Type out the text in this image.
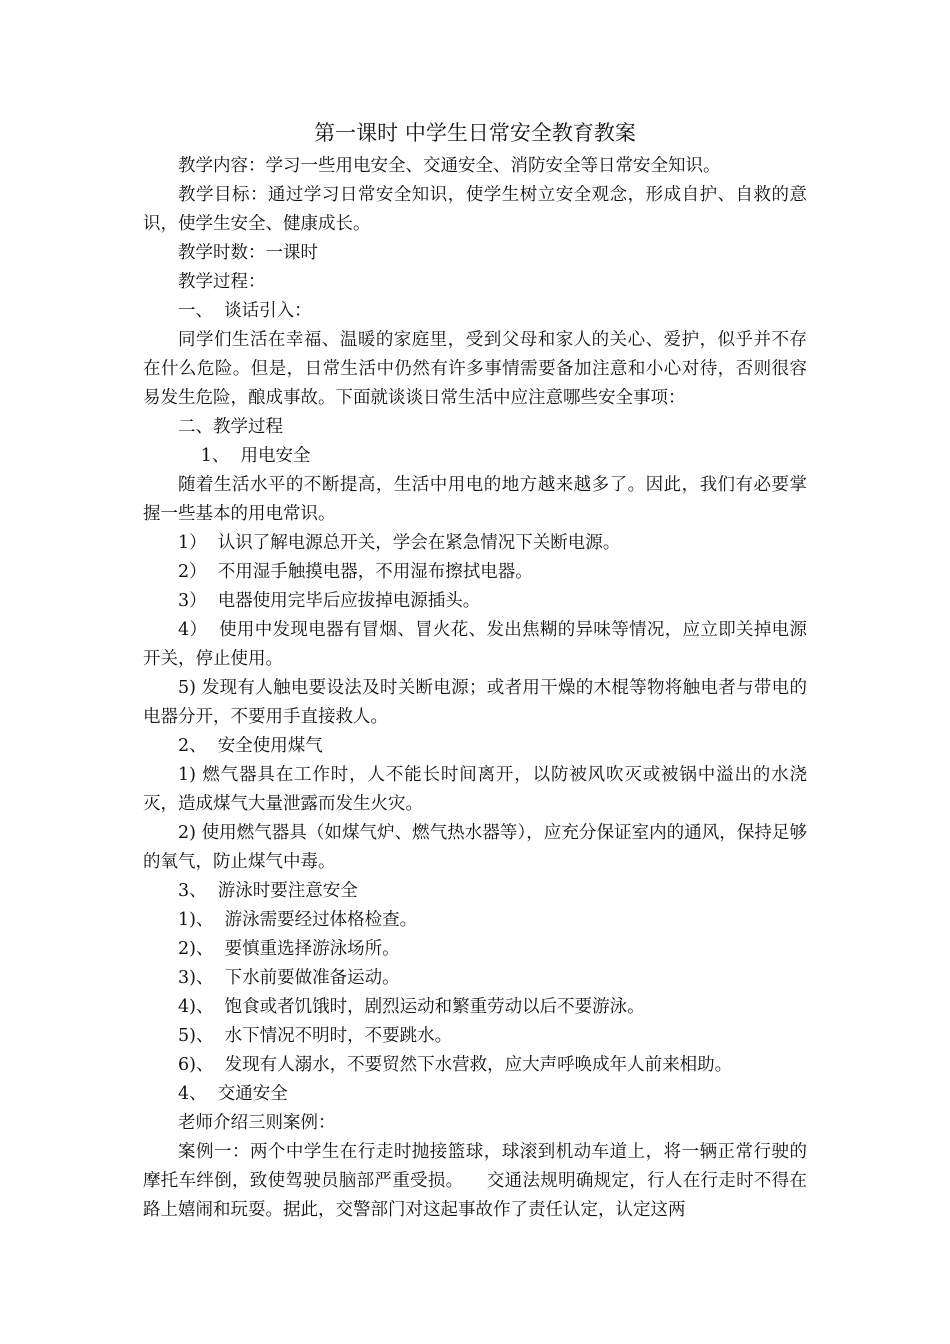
第一课时 中学生日常安全教育教案

教学内容：学习一些用电安全、交通安全、消防安全等日常安全知识。

教学目标：通过学习日常安全知识，使学生树立安全观念，形成自护、自救的意识，使学生安全、健康成长。

教学时数：一课时

教学过程：

一、  谈话引入：

同学们生活在幸福、温暖的家庭里，受到父母和家人的关心、爱护，似乎并不存在什么危险。但是，日常生活中仍然有许多事情需要备加注意和小心对待，否则很容易发生危险，酿成事故。下面就谈谈日常生活中应注意哪些安全事项：

二、教学过程

1、  用电安全

随着生活水平的不断提高，生活中用电的地方越来越多了。因此，我们有必要掌握一些基本的用电常识。

1）  认识了解电源总开关，学会在紧急情况下关断电源。

2）  不用湿手触摸电器，不用湿布擦拭电器。

3）  电器使用完毕后应拔掉电源插头。

4）  使用中发现电器有冒烟、冒火花、发出焦糊的异味等情况，应立即关掉电源开关，停止使用。

5) 发现有人触电要设法及时关断电源；或者用干燥的木棍等物将触电者与带电的电器分开，不要用手直接救人。

2、  安全使用煤气

1) 燃气器具在工作时，人不能长时间离开，以防被风吹灭或被锅中溢出的水浇灭，造成煤气大量泄露而发生火灾。

2) 使用燃气器具（如煤气炉、燃气热水器等），应充分保证室内的通风，保持足够的氧气，防止煤气中毒。

3、  游泳时要注意安全

1)、  游泳需要经过体格检查。

2)、  要慎重选择游泳场所。

3)、  下水前要做准备运动。

4)、  饱食或者饥饿时，剧烈运动和繁重劳动以后不要游泳。

5)、  水下情况不明时，不要跳水。

6)、  发现有人溺水，不要贸然下水营救，应大声呼唤成年人前来相助。

4、  交通安全

老师介绍三则案例：

案例一：两个中学生在行走时抛接篮球，球滚到机动车道上，将一辆正常行驶的摩托车绊倒，致使驾驶员脑部严重受损。    交通法规明确规定，行人在行走时不得在路上嬉闹和玩耍。据此，交警部门对这起事故作了责任认定，认定这两
